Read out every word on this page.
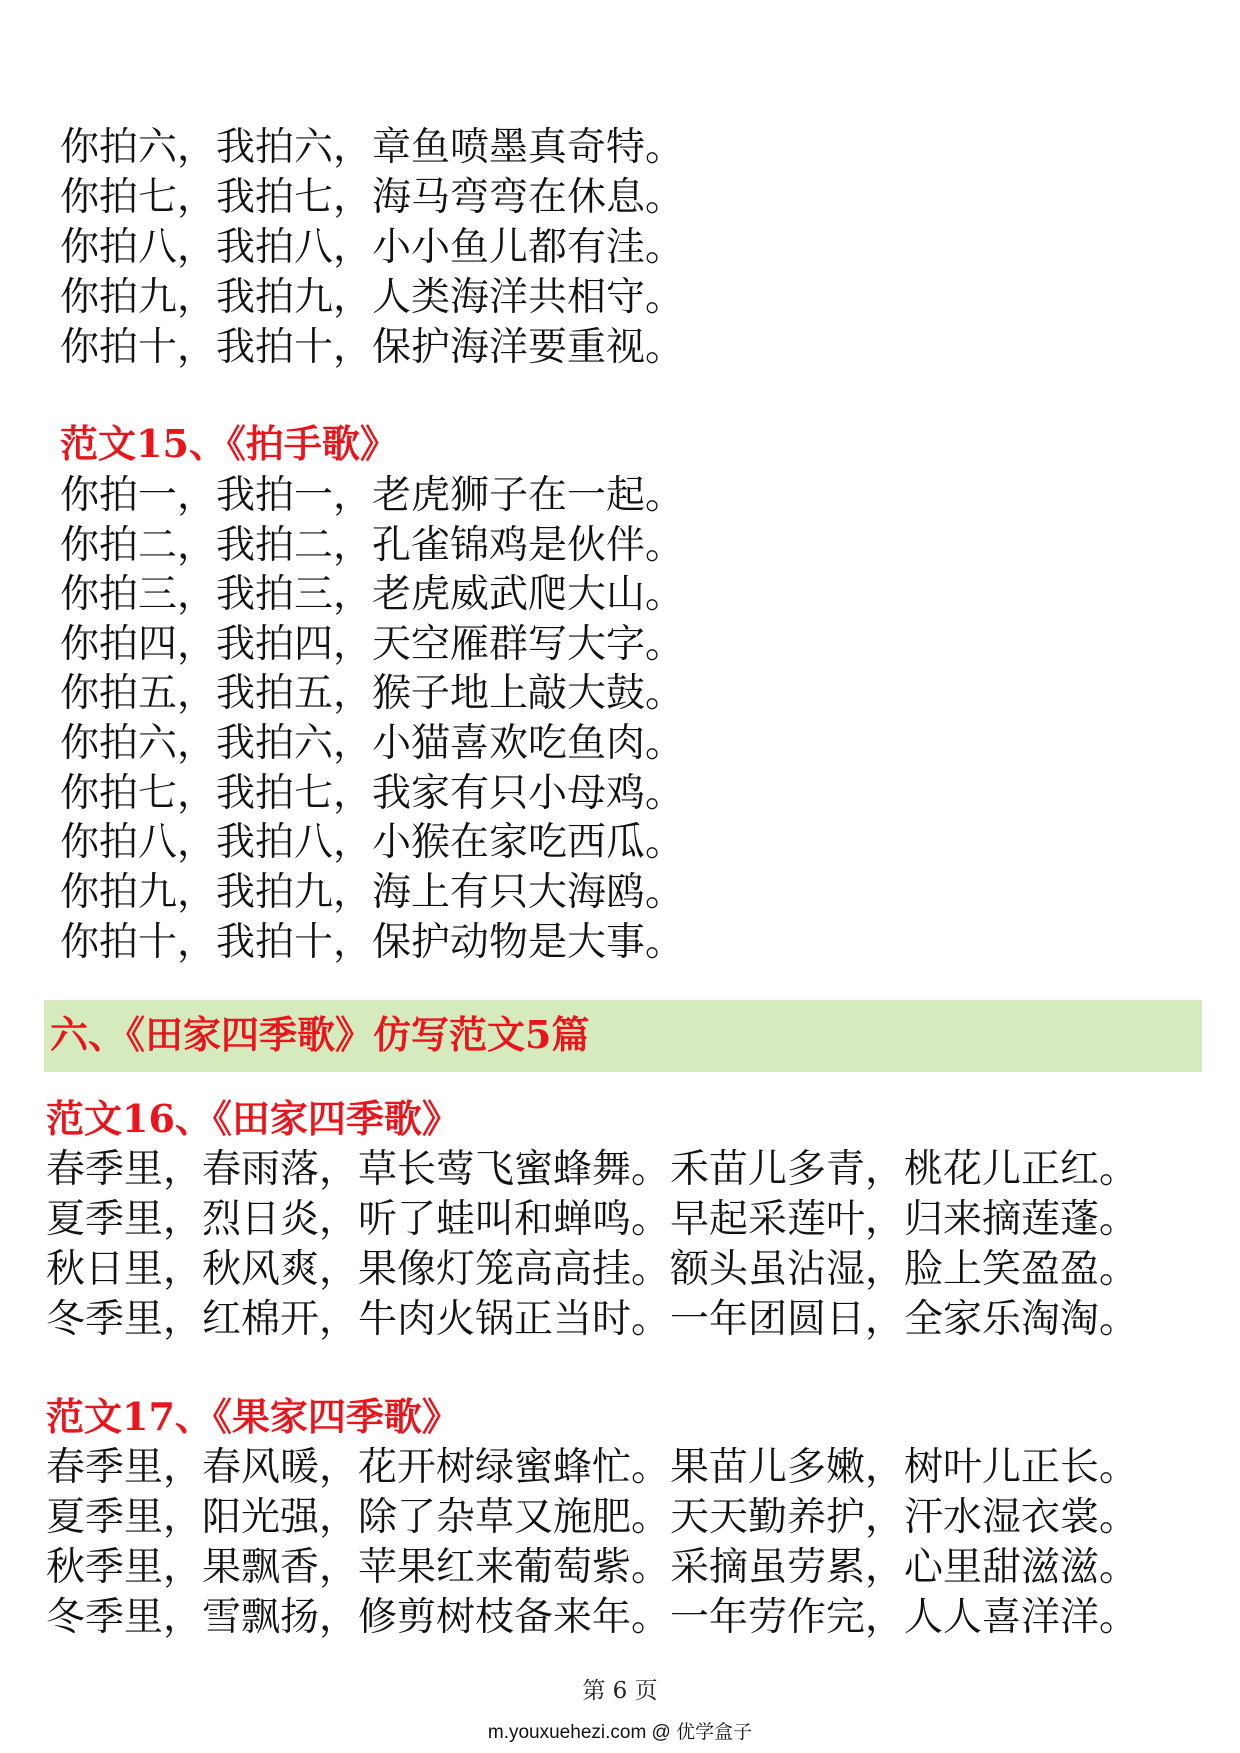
你拍六，我拍六，章鱼喷墨真奇特。
你拍七，我拍七，海马弯弯在休息。
你拍八，我拍八，小小鱼儿都有洼。
你拍九，我拍九，人类海洋共相守。
你拍十，我拍十，保护海洋要重视。
范文15、《拍手歌》
你拍一，我拍一，老虎狮子在一起。
你拍二，我拍二，孔雀锦鸡是伙伴。
你拍三，我拍三，老虎威武爬大山。
你拍四，我拍四，天空雁群写大字。
你拍五，我拍五，猴子地上敲大鼓。
你拍六，我拍六，小猫喜欢吃鱼肉。
你拍七，我拍七，我家有只小母鸡。
你拍八，我拍八，小猴在家吃西瓜。
你拍九，我拍九，海上有只大海鸥。
你拍十，我拍十，保护动物是大事。
六、《田家四季歌》仿写范文5篇
范文16、《田家四季歌》
春季里，春雨落，草长莺飞蜜蜂舞。禾苗儿多青，桃花儿正红。
夏季里，烈日炎，听了蛙叫和蝉鸣。早起采莲叶，归来摘莲蓬。
秋日里，秋风爽，果像灯笼高高挂。额头虽沾湿，脸上笑盈盈。
冬季里，红棉开，牛肉火锅正当时。一年团圆日，全家乐淘淘。
范文17、《果家四季歌》
春季里，春风暖，花开树绿蜜蜂忙。果苗儿多嫩，树叶儿正长。
夏季里，阳光强，除了杂草又施肥。天天勤养护，汗水湿衣裳。
秋季里，果飘香，苹果红来葡萄紫。采摘虽劳累，心里甜滋滋。
冬季里，雪飘扬，修剪树枝备来年。一年劳作完，人人喜洋洋。
第 6 页
m.youxuehezi.com @ 优学盒子
